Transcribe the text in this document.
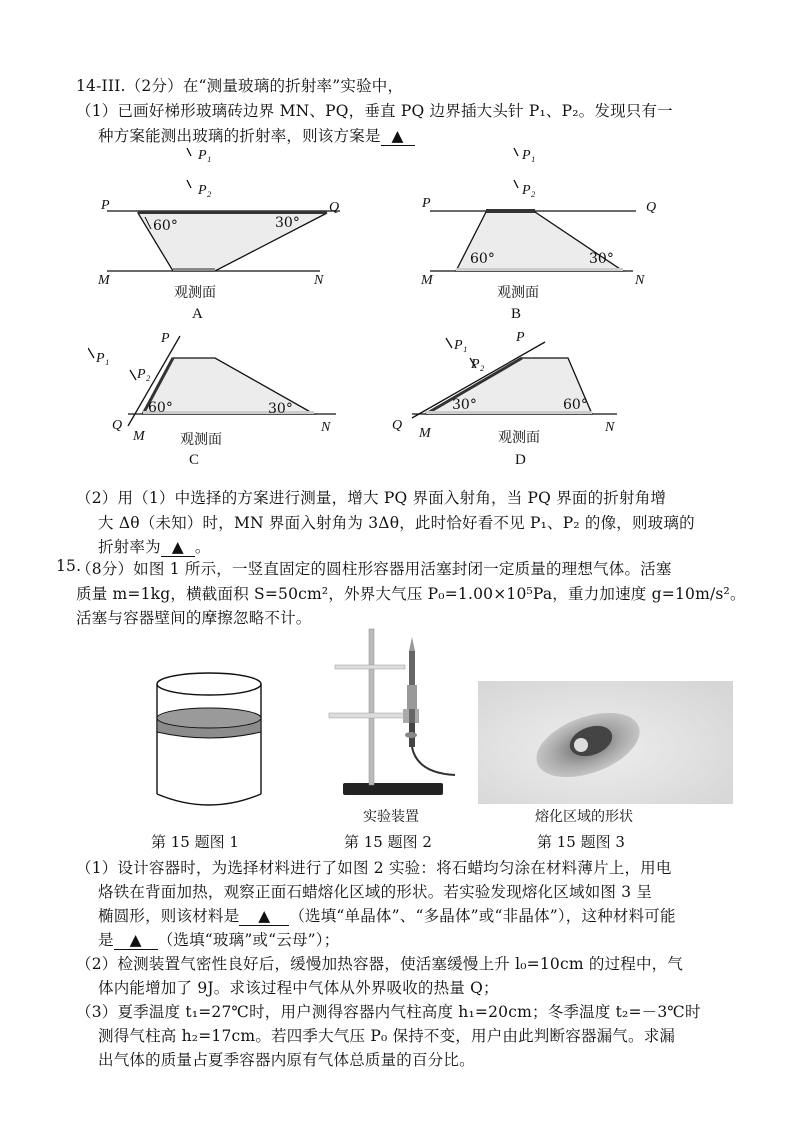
14-III.（2分）在“测量玻璃的折射率”实验中，
（1）已画好梯形玻璃砖边界 MN、PQ，垂直 PQ 边界插大头针 P₁、P₂。发现只有一
种方案能测出玻璃的折射率，则该方案是 ▲
P₁
P₂
P	Q
M	N
60°	30°
观测面
A
P₁
P₂
P	Q
M	N
60°	30°
观测面
B
P₁
P₂
P
Q
M
N
60°	30°
观测面
C
P₁
P₂
P
Q
M	N
30°	60°
观测面
D
（2）用（1）中选择的方案进行测量，增大 PQ 界面入射角，当 PQ 界面的折射角增
大 Δθ（未知）时，MN 界面入射角为 3Δθ，此时恰好看不见 P₁、P₂ 的像，则玻璃的
折射率为 ▲ 。
15.
（8分）如图 1 所示，一竖直固定的圆柱形容器用活塞封闭一定质量的理想气体。活塞
质量 m=1kg，横截面积 S=50cm²，外界大气压 P₀=1.00×10⁵Pa，重力加速度 g=10m/s²。
活塞与容器壁间的摩擦忽略不计。
实验装置	熔化区域的形状
第 15 题图 1	第 15 题图 2	第 15 题图 3
（1）设计容器时，为选择材料进行了如图 2 实验：将石蜡均匀涂在材料薄片上，用电
烙铁在背面加热，观察正面石蜡熔化区域的形状。若实验发现熔化区域如图 3 呈
椭圆形，则该材料是 ▲ （选填“单晶体”、“多晶体”或“非晶体”），这种材料可能
是 ▲ （选填“玻璃”或“云母”）；
（2）检测装置气密性良好后，缓慢加热容器，使活塞缓慢上升 l₀=10cm 的过程中，气
体内能增加了 9J。求该过程中气体从外界吸收的热量 Q；
（3）夏季温度 t₁=27℃时，用户测得容器内气柱高度 h₁=20cm；冬季温度 t₂=－3℃时
测得气柱高 h₂=17cm。若四季大气压 P₀ 保持不变，用户由此判断容器漏气。求漏
出气体的质量占夏季容器内原有气体总质量的百分比。
